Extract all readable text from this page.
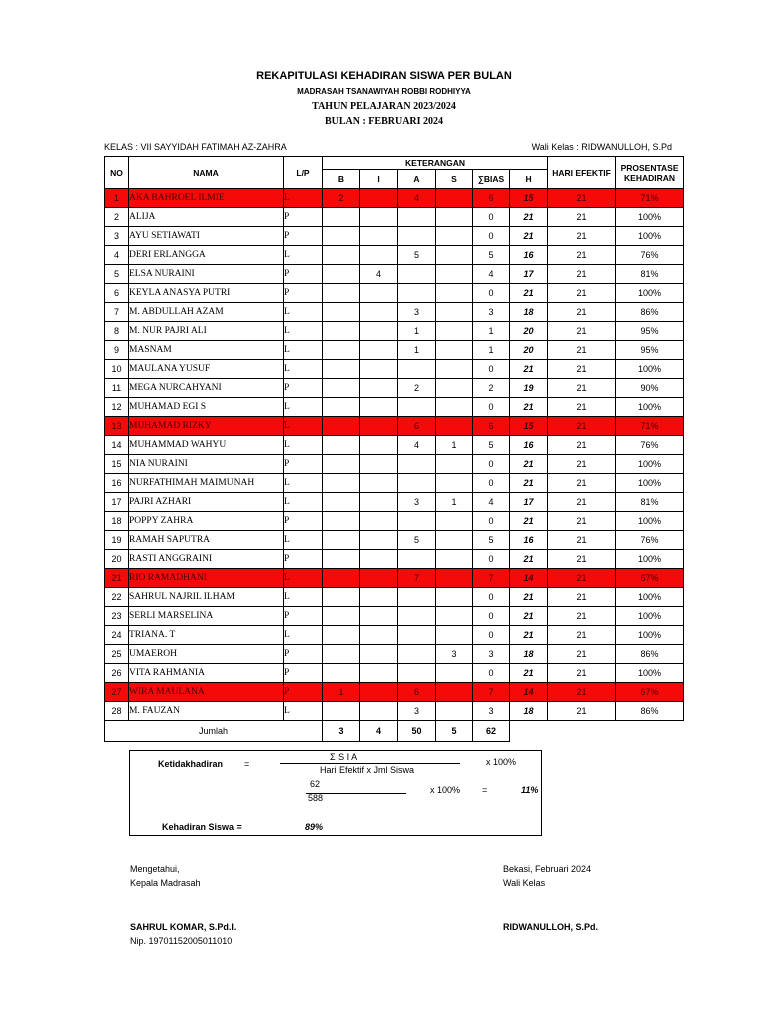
REKAPITULASI KEHADIRAN SISWA PER BULAN
MADRASAH TSANAWIYAH ROBBI RODHIYYA
TAHUN PELAJARAN 2023/2024
BULAN : FEBRUARI 2024
KELAS : VII SAYYIDAH FATIMAH AZ-ZAHRA	Wali Kelas : RIDWANULLOH, S.Pd
NO	NAMA	L/P	KETERANGAN						HARI EFEKTIF	PROSENTASE KEHADIRAN
			B	I	A	S	∑BIAS	H		
1	AKA BAHROEL ILMIE	L	2		4		6	15	21	71%
2	ALIJA	P					0	21	21	100%
3	AYU SETIAWATI	P					0	21	21	100%
4	DERI ERLANGGA	L			5		5	16	21	76%
5	ELSA NURAINI	P		4			4	17	21	81%
6	KEYLA ANASYA PUTRI	P					0	21	21	100%
7	M. ABDULLAH AZAM	L			3		3	18	21	86%
8	M. NUR PAJRI ALI	L			1		1	20	21	95%
9	MASNAM	L			1		1	20	21	95%
10	MAULANA YUSUF	L					0	21	21	100%
11	MEGA NURCAHYANI	P			2		2	19	21	90%
12	MUHAMAD EGI S	L					0	21	21	100%
13	MUHAMAD RIZKY	L			6		6	15	21	71%
14	MUHAMMAD WAHYU	L			4	1	5	16	21	76%
15	NIA NURAINI	P					0	21	21	100%
16	NURFATHIMAH MAIMUNAH	L					0	21	21	100%
17	PAJRI AZHARI	L			3	1	4	17	21	81%
18	POPPY ZAHRA	P					0	21	21	100%
19	RAMAH SAPUTRA	L			5		5	16	21	76%
20	RASTI ANGGRAINI	P					0	21	21	100%
21	RIO RAMADHANI	L			7		7	14	21	67%
22	SAHRUL NAJRIL ILHAM	L					0	21	21	100%
23	SERLI MARSELINA	P					0	21	21	100%
24	TRIANA. T	L					0	21	21	100%
25	UMAEROH	P				3	3	18	21	86%
26	VITA RAHMANIA	P					0	21	21	100%
27	WIRA MAULANA	P	1		6		7	14	21	67%
28	M. FAUZAN	L			3		3	18	21	86%
Jumlah			3	4	50	5	62			
Ketidakhadiran =
Σ S I A
Hari Efektif x Jml Siswa
x 100%
62
588
x 100% =	11%
Kehadiran Siswa =	89%
Mengetahui,
Kepala Madrasah
SAHRUL KOMAR, S.Pd.I.
Nip. 19701152005011010
Bekasi, Februari 2024
Wali Kelas
RIDWANULLOH, S.Pd.
